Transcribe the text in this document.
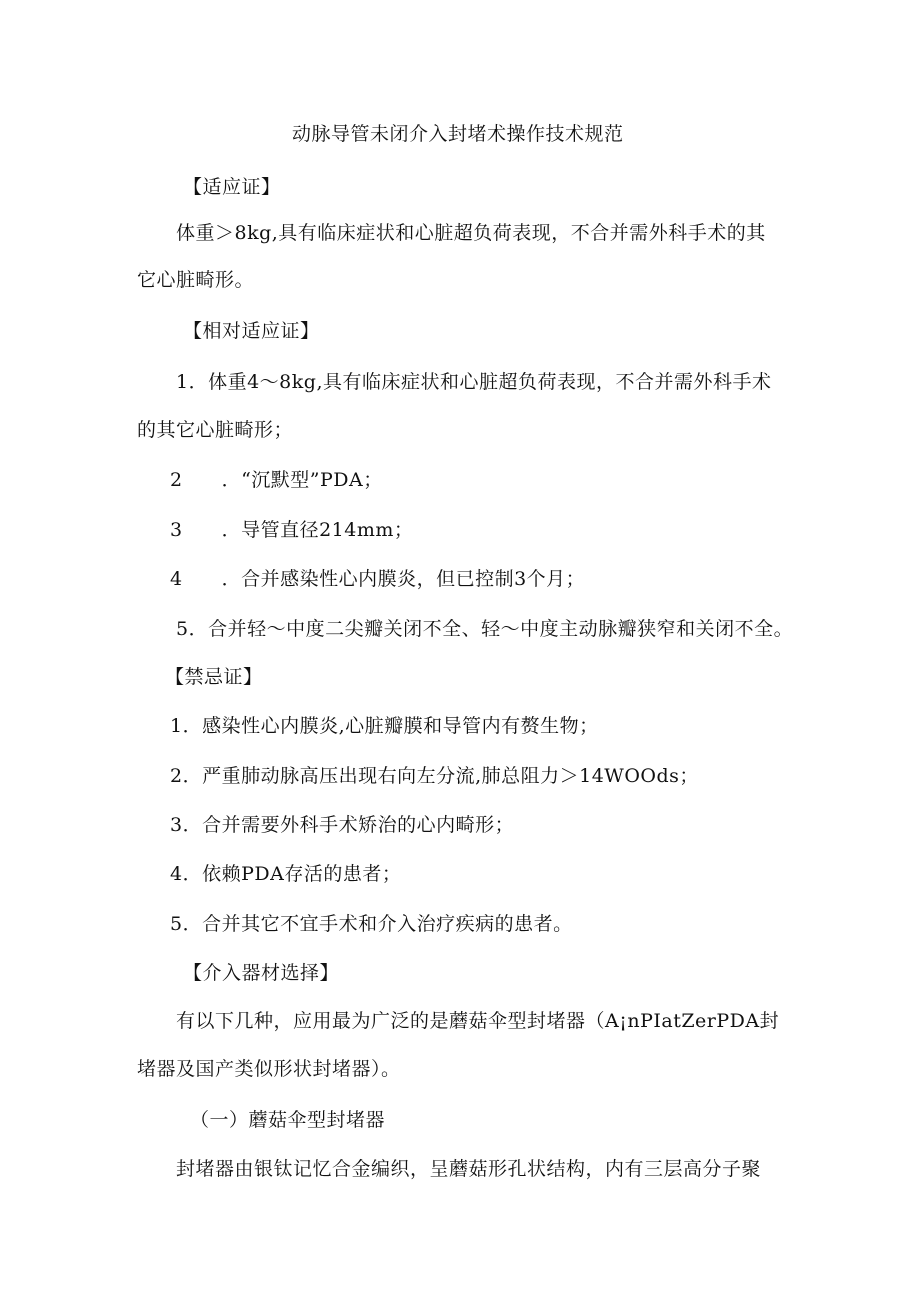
动脉导管未闭介入封堵术操作技术规范
【适应证】
体重＞8kg,具有临床症状和心脏超负荷表现，不合并需外科手术的其
它心脏畸形。
【相对适应证】
1．体重4～8kg,具有临床症状和心脏超负荷表现，不合并需外科手术
的其它心脏畸形；
2　　．“沉默型”PDA；
3　　．导管直径214mm；
4　　．合并感染性心内膜炎，但已控制3个月；
5．合并轻～中度二尖瓣关闭不全、轻～中度主动脉瓣狭窄和关闭不全。
【禁忌证】
1．感染性心内膜炎,心脏瓣膜和导管内有赘生物；
2．严重肺动脉高压出现右向左分流,肺总阻力＞14WOOds；
3．合并需要外科手术矫治的心内畸形；
4．依赖PDA存活的患者；
5．合并其它不宜手术和介入治疗疾病的患者。
【介入器材选择】
有以下几种，应用最为广泛的是蘑菇伞型封堵器（A¡nPIatZerPDA封
堵器及国产类似形状封堵器）。
（一）蘑菇伞型封堵器
封堵器由银钛记忆合金编织，呈蘑菇形孔状结构，内有三层高分子聚
